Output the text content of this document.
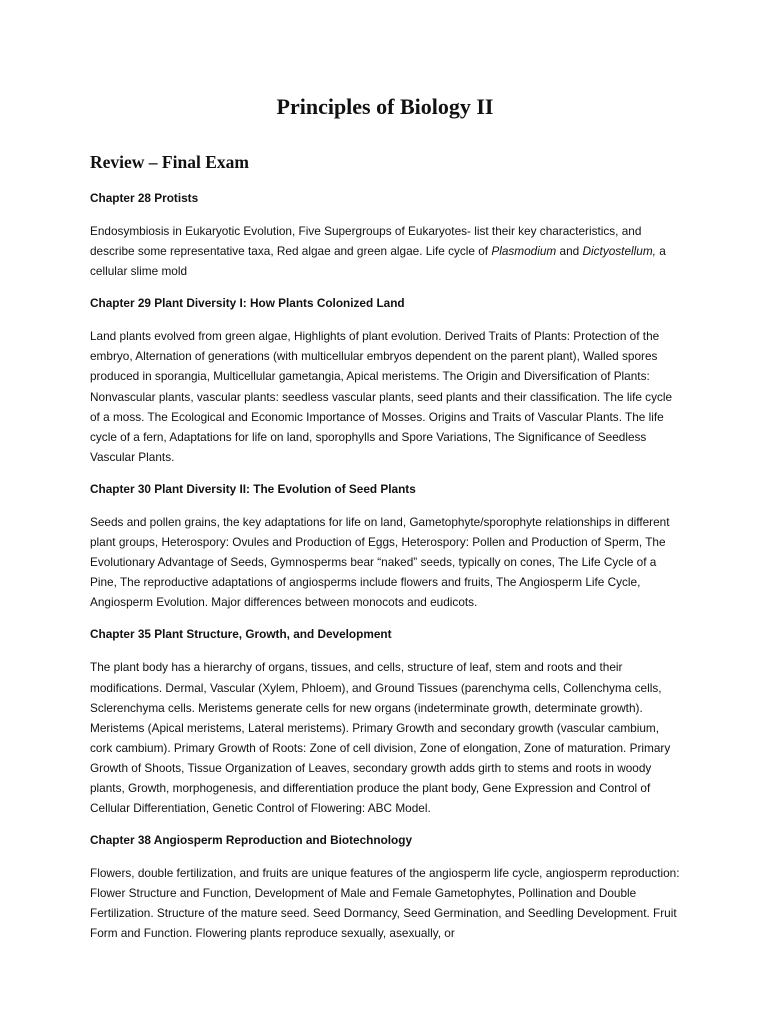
Principles of Biology II
Review – Final Exam
Chapter 28 Protists
Endosymbiosis in Eukaryotic Evolution, Five Supergroups of Eukaryotes- list their key characteristics, and describe some representative taxa, Red algae and green algae. Life cycle of Plasmodium and Dictyostellum, a cellular slime mold
Chapter 29 Plant Diversity I: How Plants Colonized Land
Land plants evolved from green algae, Highlights of plant evolution. Derived Traits of Plants: Protection of the embryo, Alternation of generations (with multicellular embryos dependent on the parent plant), Walled spores produced in sporangia, Multicellular gametangia, Apical meristems. The Origin and Diversification of Plants: Nonvascular plants, vascular plants: seedless vascular plants, seed plants and their classification. The life cycle of a moss. The Ecological and Economic Importance of Mosses. Origins and Traits of Vascular Plants. The life cycle of a fern, Adaptations for life on land, sporophylls and Spore Variations, The Significance of Seedless Vascular Plants.
Chapter 30 Plant Diversity II: The Evolution of Seed Plants
Seeds and pollen grains, the key adaptations for life on land, Gametophyte/sporophyte relationships in different plant groups, Heterospory: Ovules and Production of Eggs, Heterospory: Pollen and Production of Sperm, The Evolutionary Advantage of Seeds, Gymnosperms bear “naked” seeds, typically on cones, The Life Cycle of a Pine, The reproductive adaptations of angiosperms include flowers and fruits, The Angiosperm Life Cycle, Angiosperm Evolution. Major differences between monocots and eudicots.
Chapter 35 Plant Structure, Growth, and Development
The plant body has a hierarchy of organs, tissues, and cells, structure of leaf, stem and roots and their modifications. Dermal, Vascular (Xylem, Phloem), and Ground Tissues (parenchyma cells, Collenchyma cells, Sclerenchyma cells. Meristems generate cells for new organs (indeterminate growth, determinate growth). Meristems (Apical meristems, Lateral meristems). Primary Growth and secondary growth (vascular cambium, cork cambium). Primary Growth of Roots: Zone of cell division, Zone of elongation, Zone of maturation. Primary Growth of Shoots, Tissue Organization of Leaves, secondary growth adds girth to stems and roots in woody plants, Growth, morphogenesis, and differentiation produce the plant body, Gene Expression and Control of Cellular Differentiation, Genetic Control of Flowering: ABC Model.
Chapter 38 Angiosperm Reproduction and Biotechnology
Flowers, double fertilization, and fruits are unique features of the angiosperm life cycle, angiosperm reproduction: Flower Structure and Function, Development of Male and Female Gametophytes, Pollination and Double Fertilization. Structure of the mature seed. Seed Dormancy, Seed Germination, and Seedling Development. Fruit Form and Function. Flowering plants reproduce sexually, asexually, or
